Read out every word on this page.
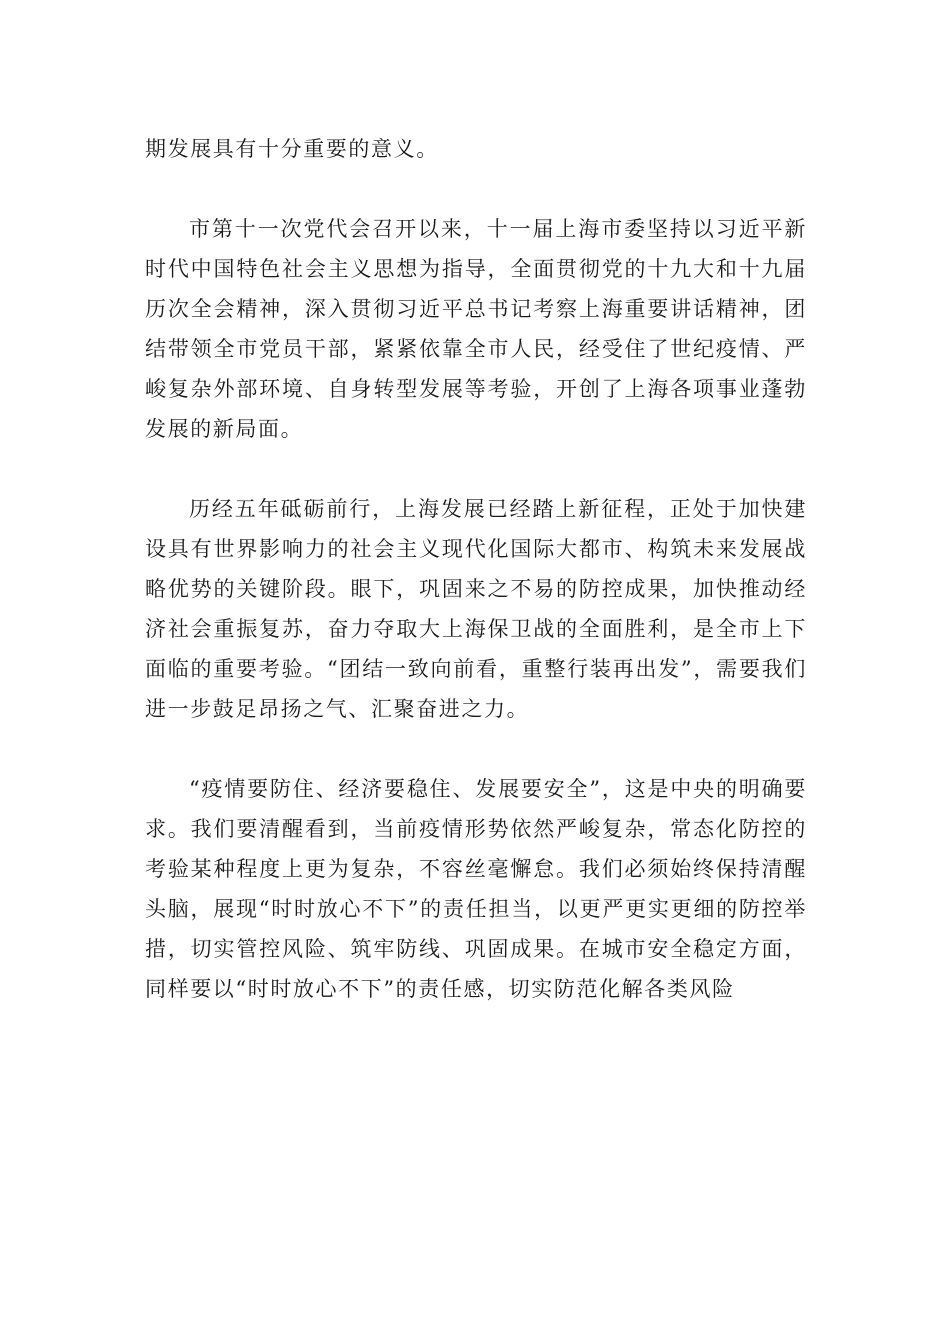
期发展具有十分重要的意义。

市第十一次党代会召开以来，十一届上海市委坚持以习近平新时代中国特色社会主义思想为指导，全面贯彻党的十九大和十九届历次全会精神，深入贯彻习近平总书记考察上海重要讲话精神，团结带领全市党员干部，紧紧依靠全市人民，经受住了世纪疫情、严峻复杂外部环境、自身转型发展等考验，开创了上海各项事业蓬勃发展的新局面。

历经五年砥砺前行，上海发展已经踏上新征程，正处于加快建设具有世界影响力的社会主义现代化国际大都市、构筑未来发展战略优势的关键阶段。眼下，巩固来之不易的防控成果，加快推动经济社会重振复苏，奋力夺取大上海保卫战的全面胜利，是全市上下面临的重要考验。“团结一致向前看，重整行装再出发”，需要我们进一步鼓足昂扬之气、汇聚奋进之力。

“疫情要防住、经济要稳住、发展要安全”，这是中央的明确要求。我们要清醒看到，当前疫情形势依然严峻复杂，常态化防控的考验某种程度上更为复杂，不容丝毫懈怠。我们必须始终保持清醒头脑，展现“时时放心不下”的责任担当，以更严更实更细的防控举措，切实管控风险、筑牢防线、巩固成果。在城市安全稳定方面，同样要以“时时放心不下”的责任感，切实防范化解各类风险
